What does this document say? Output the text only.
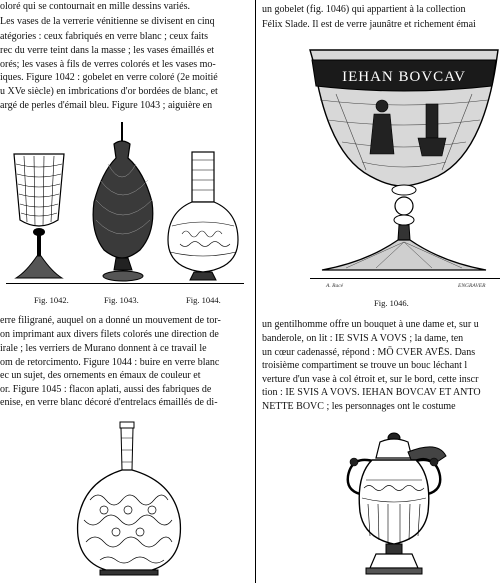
oloré qui se contournait en mille dessins variés.
Les vases de la verrerie vénitienne se divisent en cinq
atégories : ceux fabriqués en verre blanc ; ceux faits
rec du verre teint dans la masse ; les vases émaillés et
orés; les vases à fils de verres colorés et les vases mo-
iques. Figure 1042 : gobelet en verre coloré (2e moitié
u XVe siècle) en imbrications d'or bordées de blanc, et
argé de perles d'émail bleu. Figure 1043 ; aiguière en
Fig. 1042.	Fig. 1043.	Fig. 1044.
erre filigrané, auquel on a donné un mouvement de tor-
on imprimant aux divers filets colorés une direction de
irale ; les verriers de Murano donnent à ce travail le
om de retorcimento. Figure 1044 : buire en verre blanc
ec un sujet, des ornements en émaux de couleur et
or. Figure 1045 : flacon aplati, aussi des fabriques de
enise, en verre blanc décoré d'entrelacs émaillés de di-
un gobelet (fig. 1046) qui appartient à la collection
Félix Slade. Il est de verre jaunâtre et richement émai
IEHAN BOVCAV
A. Racé	ENGRAVER
Fig. 1046.
un gentilhomme offre un bouquet à une dame et, sur u
banderole, on lit : IE SVIS A VOVS ; la dame, ten
un cœur cadenassé, répond : MŌ CVER AVĒS. Dans
troisième compartiment se trouve un bouc léchant l
verture d'un vase à col étroit et, sur le bord, cette inscr
tion : IE SVIS A VOVS. IEHAN BOVCAV ET ANTO
NETTE BOVC ; les personnages ont le costume
